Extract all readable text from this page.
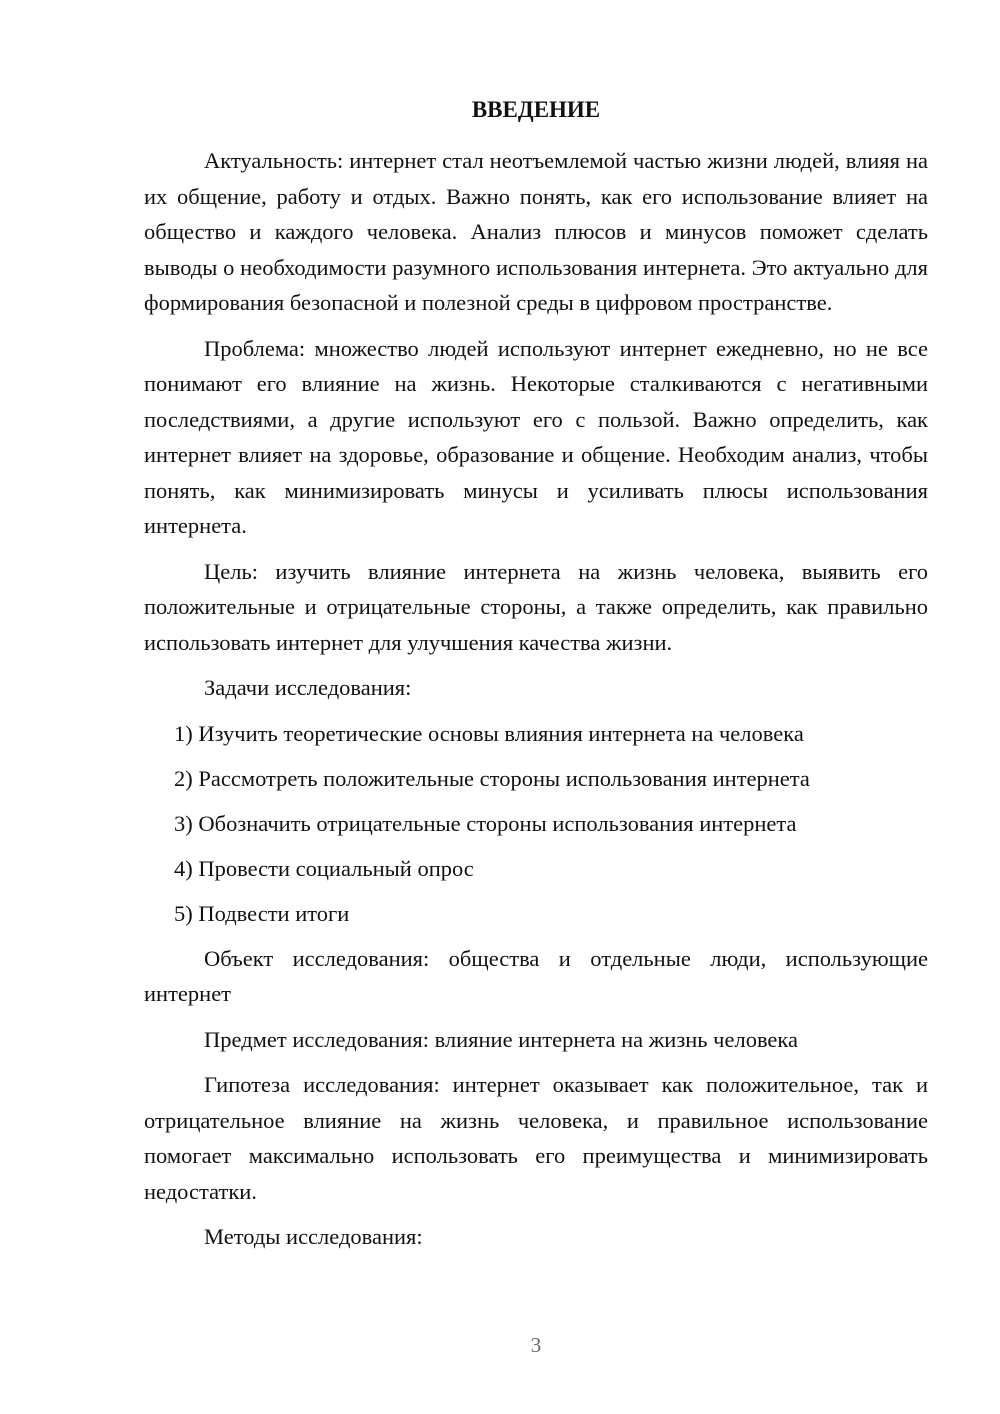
ВВЕДЕНИЕ

Актуальность: интернет стал неотъемлемой частью жизни людей, влияя на их общение, работу и отдых. Важно понять, как его использование влияет на общество и каждого человека. Анализ плюсов и минусов поможет сделать выводы о необходимости разумного использования интернета. Это актуально для формирования безопасной и полезной среды в цифровом пространстве.

Проблема: множество людей используют интернет ежедневно, но не все понимают его влияние на жизнь. Некоторые сталкиваются с негативными последствиями, а другие используют его с пользой. Важно определить, как интернет влияет на здоровье, образование и общение. Необходим анализ, чтобы понять, как минимизировать минусы и усиливать плюсы использования интернета.

Цель: изучить влияние интернета на жизнь человека, выявить его положительные и отрицательные стороны, а также определить, как правильно использовать интернет для улучшения качества жизни.

Задачи исследования:

1) Изучить теоретические основы влияния интернета на человека
2) Рассмотреть положительные стороны использования интернета
3) Обозначить отрицательные стороны использования интернета
4) Провести социальный опрос
5) Подвести итоги

Объект исследования: общества и отдельные люди, использующие интернет

Предмет исследования: влияние интернета на жизнь человека

Гипотеза исследования: интернет оказывает как положительное, так и отрицательное влияние на жизнь человека, и правильное использование помогает максимально использовать его преимущества и минимизировать недостатки.

Методы исследования:

3
